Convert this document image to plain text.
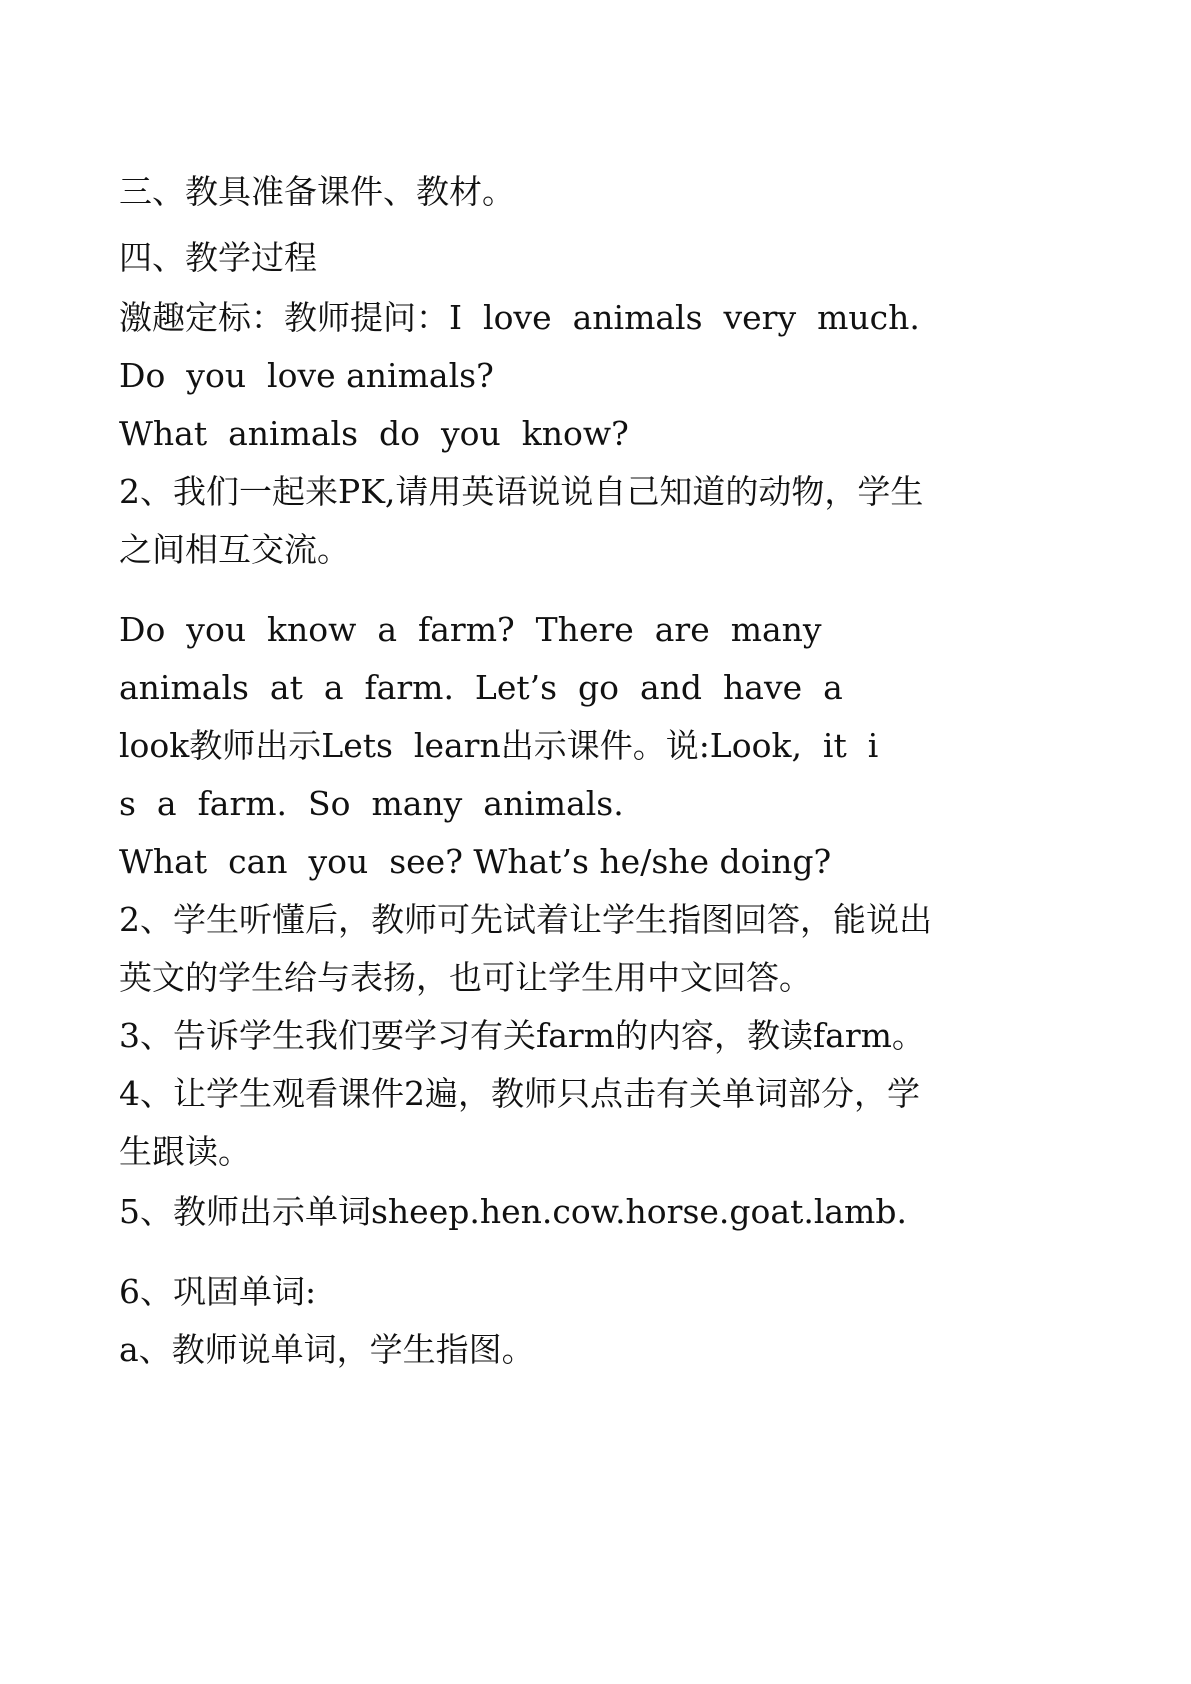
三、教具准备课件、教材。

四、教学过程

激趣定标：教师提问：I  love  animals  very  much.

Do  you  love animals?

What  animals  do  you  know?

2、我们一起来PK,请用英语说说自己知道的动物，学生

之间相互交流。

Do  you  know  a  farm?  There  are  many

animals  at  a  farm.  Let’s  go  and  have  a

look教师出示Lets  learn出示课件。说:Look,  it  i

s  a  farm.  So  many  animals.

What  can  you  see? What’s he/she doing?

2、学生听懂后，教师可先试着让学生指图回答，能说出

英文的学生给与表扬，也可让学生用中文回答。

3、告诉学生我们要学习有关farm的内容，教读farm。

4、让学生观看课件2遍，教师只点击有关单词部分，学

生跟读。

5、教师出示单词sheep.hen.cow.horse.goat.lamb.

6、巩固单词:

a、教师说单词，学生指图。
